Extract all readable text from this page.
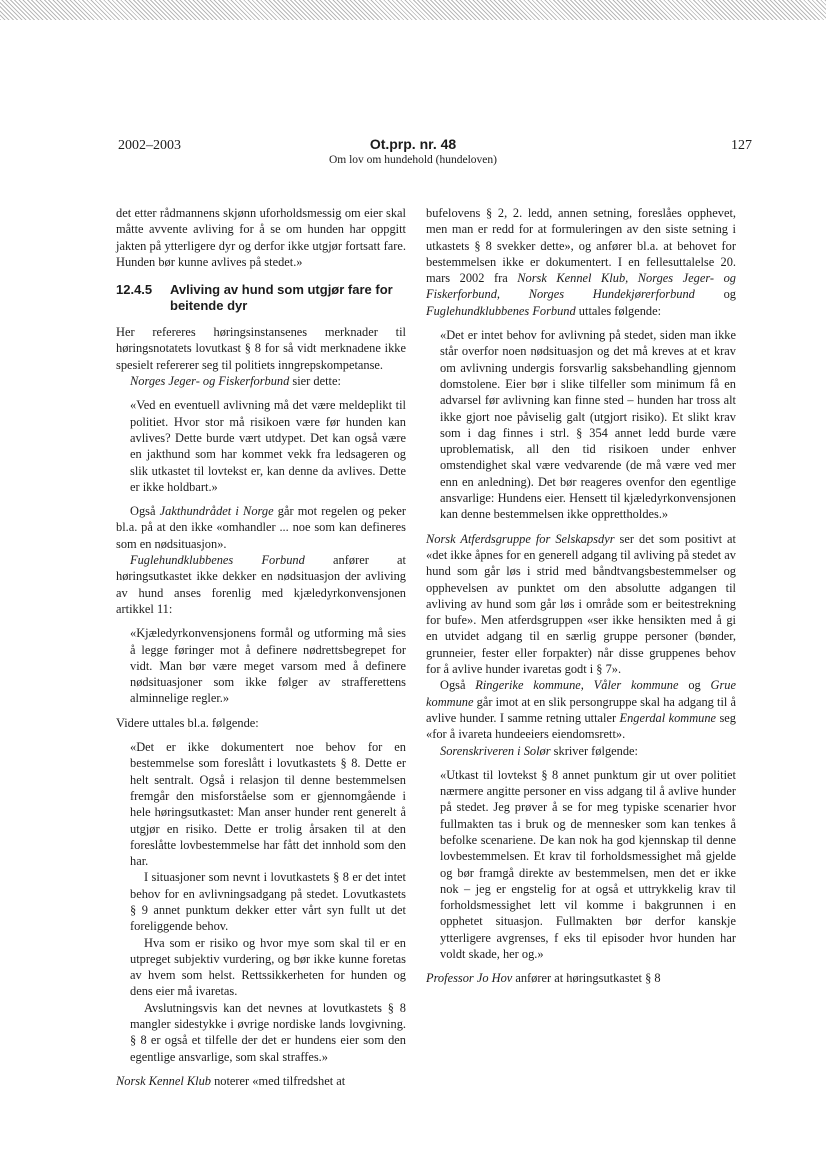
2002–2003	Ot.prp. nr. 48	127
Om lov om hundehold (hundeloven)

det etter rådmannens skjønn uforholdsmessig om eier skal måtte avvente avliving for å se om hunden har oppgitt jakten på ytterligere dyr og derfor ikke utgjør fortsatt fare. Hunden bør kunne avlives på stedet.»

12.4.5	Avliving av hund som utgjør fare for beitende dyr

Her refereres høringsinstansenes merknader til høringsnotatets lovutkast § 8 for så vidt merknadene ikke spesielt refererer seg til politiets inngrepskompetanse.

Norges Jeger- og Fiskerforbund sier dette:

«Ved en eventuell avlivning må det være meldeplikt til politiet. Hvor stor må risikoen være før hunden kan avlives? Dette burde vært utdypet. Det kan også være en jakthund som har kommet vekk fra ledsageren og slik utkastet til lovtekst er, kan denne da avlives. Dette er ikke holdbart.»

Også Jakthundrådet i Norge går mot regelen og peker bl.a. på at den ikke «omhandler ... noe som kan defineres som en nødsituasjon».

Fuglehundklubbenes Forbund anfører at høringsutkastet ikke dekker en nødsituasjon der avliving av hund anses forenlig med kjæledyrkonvensjonen artikkel 11:

«Kjæledyrkonvensjonens formål og utforming må sies å legge føringer mot å definere nødrettsbegrepet for vidt. Man bør være meget varsom med å definere nødsituasjoner som ikke følger av strafferettens alminnelige regler.»

Videre uttales bl.a. følgende:

«Det er ikke dokumentert noe behov for en bestemmelse som foreslått i lovutkastets § 8. Dette er helt sentralt. Også i relasjon til denne bestemmelsen fremgår den misforståelse som er gjennomgående i hele høringsutkastet: Man anser hunder rent generelt å utgjør en risiko. Dette er trolig årsaken til at den foreslåtte lovbestemmelse har fått det innhold som den har.

I situasjoner som nevnt i lovutkastets § 8 er det intet behov for en avlivningsadgang på stedet. Lovutkastets § 9 annet punktum dekker etter vårt syn fullt ut det foreliggende behov.

Hva som er risiko og hvor mye som skal til er en utpreget subjektiv vurdering, og bør ikke kunne foretas av hvem som helst. Rettssikkerheten for hunden og dens eier må ivaretas.

Avslutningsvis kan det nevnes at lovutkastets § 8 mangler sidestykke i øvrige nordiske lands lovgivning. § 8 er også et tilfelle der det er hundens eier som den egentlige ansvarlige, som skal straffes.»

Norsk Kennel Klub noterer «med tilfredshet at

bufelovens § 2, 2. ledd, annen setning, foreslåes opphevet, men man er redd for at formuleringen av den siste setning i utkastets § 8 svekker dette», og anfører bl.a. at behovet for bestemmelsen ikke er dokumentert. I en fellesuttalelse 20. mars 2002 fra Norsk Kennel Klub, Norges Jeger- og Fiskerforbund, Norges Hundekjørerforbund og Fuglehundklubbenes Forbund uttales følgende:

«Det er intet behov for avlivning på stedet, siden man ikke står overfor noen nødsituasjon og det må kreves at et krav om avlivning undergis forsvarlig saksbehandling gjennom domstolene. Eier bør i slike tilfeller som minimum få en advarsel før avlivning kan finne sted – hunden har tross alt ikke gjort noe påviselig galt (utgjort risiko). Et slikt krav som i dag finnes i strl. § 354 annet ledd burde være uproblematisk, all den tid risikoen under enhver omstendighet skal være vedvarende (de må være ved mer enn en anledning). Det bør reageres ovenfor den egentlige ansvarlige: Hundens eier. Hensett til kjæledyrkonvensjonen kan denne bestemmelsen ikke opprettholdes.»

Norsk Atferdsgruppe for Selskapsdyr ser det som positivt at «det ikke åpnes for en generell adgang til avliving på stedet av hund som går løs i strid med båndtvangsbestemmelser og opphevelsen av punktet om den absolutte adgangen til avliving av hund som går løs i område som er beitestrekning for bufe». Men atferdsgruppen «ser ikke hensikten med å gi en utvidet adgang til en særlig gruppe personer (bønder, grunneier, fester eller forpakter) når disse gruppenes behov for å avlive hunder ivaretas godt i § 7».

Også Ringerike kommune, Våler kommune og Grue kommune går imot at en slik persongruppe skal ha adgang til å avlive hunder. I samme retning uttaler Engerdal kommune seg «for å ivareta hundeeiers eiendomsrett».

Sorenskriveren i Solør skriver følgende:

«Utkast til lovtekst § 8 annet punktum gir ut over politiet nærmere angitte personer en viss adgang til å avlive hunder på stedet. Jeg prøver å se for meg typiske scenarier hvor fullmakten tas i bruk og de mennesker som kan tenkes å befolke scenariene. De kan nok ha god kjennskap til denne lovbestemmelsen. Et krav til forholdsmessighet må gjelde og bør framgå direkte av bestemmelsen, men det er ikke nok – jeg er engstelig for at også et uttrykkelig krav til forholdsmessighet lett vil komme i bakgrunnen i en opphetet situasjon. Fullmakten bør derfor kanskje ytterligere avgrenses, f eks til episoder hvor hunden har voldt skade, her og.»

Professor Jo Hov anfører at høringsutkastet § 8
